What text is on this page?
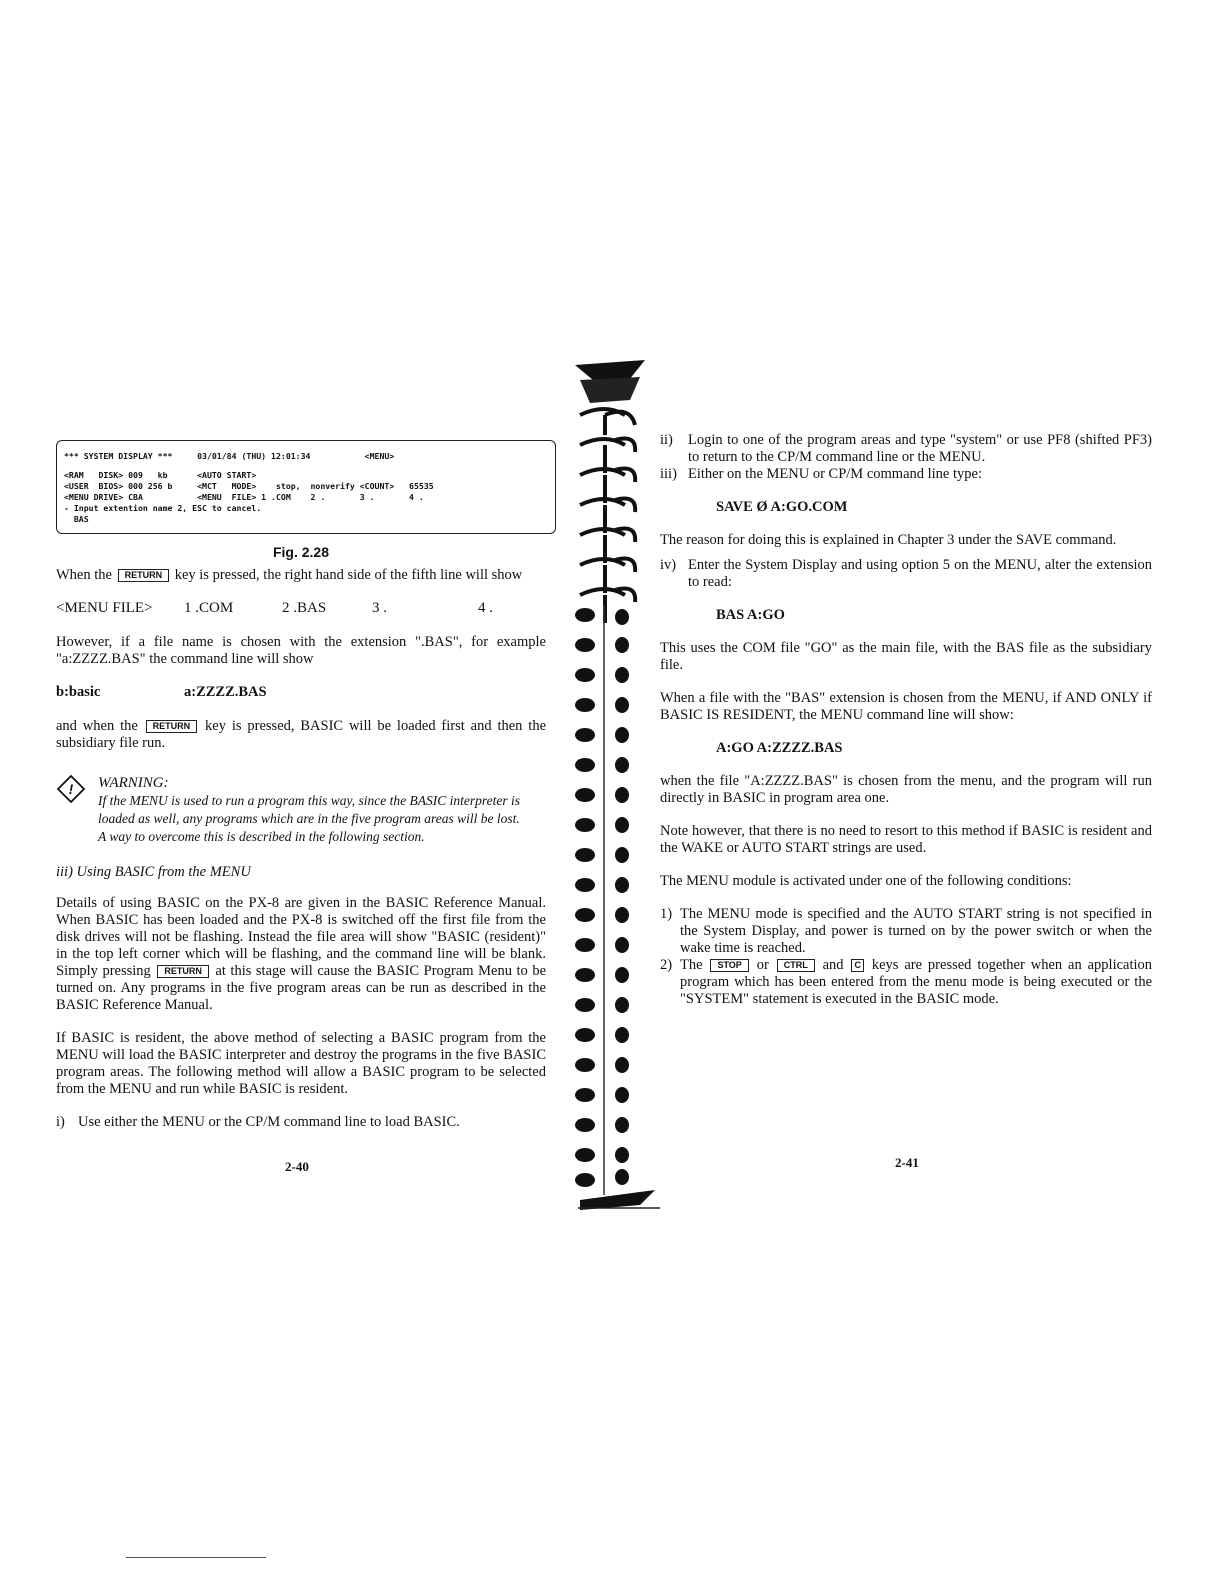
*** SYSTEM DISPLAY ***     03/01/84 (THU) 12:01:34           <MENU>
<RAM   DISK> 009   kb      <AUTO START>
<USER  BIOS> 000 256 b     <MCT   MODE>    stop,  nonverify <COUNT>   65535
<MENU DRIVE> CBA           <MENU  FILE> 1 .COM    2 .       3 .       4 .
- Input extention name 2, ESC to cancel.
BAS
Fig. 2.28

When the RETURN key is pressed, the right hand side of the fifth line will show

<MENU FILE> 1 .COM	2 .BAS	3 .	4 .

However, if a file name is chosen with the extension ".BAS", for example "a:ZZZZ.BAS" the command line will show

b:basic	a:ZZZZ.BAS

and when the RETURN key is pressed, BASIC will be loaded first and then the subsidiary file run.

! WARNING:
If the MENU is used to run a program this way, since the BASIC interpreter is loaded as well, any programs which are in the five program areas will be lost.
A way to overcome this is described in the following section.
iii) Using BASIC from the MENU

Details of using BASIC on the PX-8 are given in the BASIC Reference Manual. When BASIC has been loaded and the PX-8 is switched off the first file from the disk drives will not be flashing. Instead the file area will show "BASIC (resident)" in the top left corner which will be flashing, and the command line will be blank. Simply pressing RETURN at this stage will cause the BASIC Program Menu to be turned on. Any programs in the five program areas can be run as described in the BASIC Reference Manual.

If BASIC is resident, the above method of selecting a BASIC program from the MENU will load the BASIC interpreter and destroy the programs in the five BASIC program areas. The following method will allow a BASIC program to be selected from the MENU and run while BASIC is resident.

i) Use either the MENU or the CP/M command line to load BASIC.
2-40
ii) Login to one of the program areas and type "system" or use PF8 (shifted PF3) to return to the CP/M command line or the MENU.
iii) Either on the MENU or CP/M command line type:
SAVE Ø A:GO.COM

The reason for doing this is explained in Chapter 3 under the SAVE command.

iv) Enter the System Display and using option 5 on the MENU, alter the extension to read:
BAS A:GO

This uses the COM file "GO" as the main file, with the BAS file as the subsidiary file.

When a file with the "BAS" extension is chosen from the MENU, if AND ONLY if BASIC IS RESIDENT, the MENU command line will show:

A:GO A:ZZZZ.BAS

when the file "A:ZZZZ.BAS" is chosen from the menu, and the program will run directly in BASIC in program area one.

Note however, that there is no need to resort to this method if BASIC is resident and the WAKE or AUTO START strings are used.

The MENU module is activated under one of the following conditions:

1) The MENU mode is specified and the AUTO START string is not specified in the System Display, and power is turned on by the power switch or when the wake time is reached.
2) The STOP or CTRL and C keys are pressed together when an application program which has been entered from the menu mode is being executed or the "SYSTEM" statement is executed in the BASIC mode.
2-41
